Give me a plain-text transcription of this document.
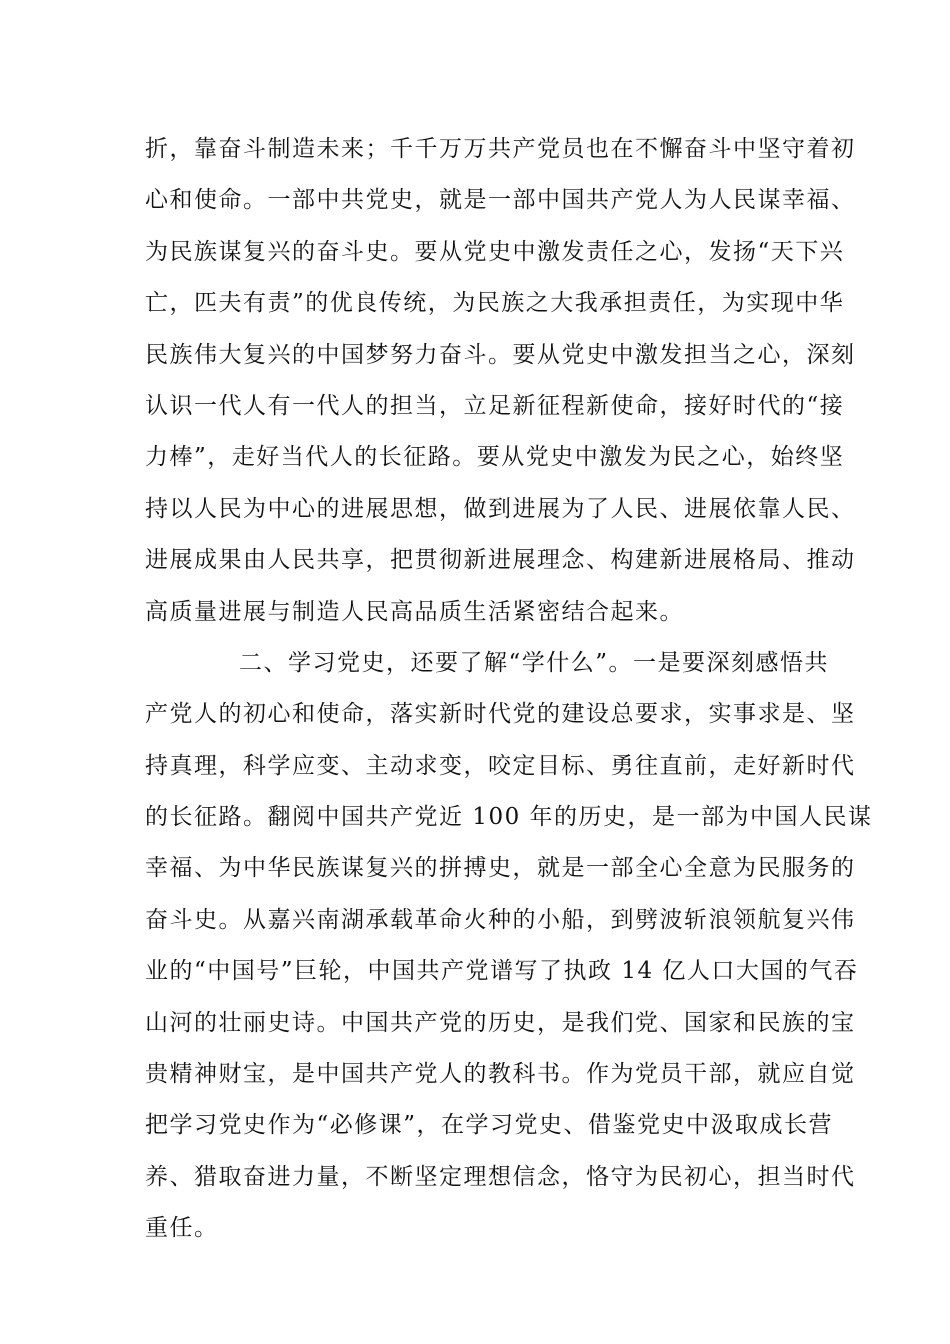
折，靠奋斗制造未来；千千万万共产党员也在不懈奋斗中坚守着初
心和使命。一部中共党史，就是一部中国共产党人为人民谋幸福、
为民族谋复兴的奋斗史。要从党史中激发责任之心，发扬“天下兴
亡，匹夫有责”的优良传统，为民族之大我承担责任，为实现中华
民族伟大复兴的中国梦努力奋斗。要从党史中激发担当之心，深刻
认识一代人有一代人的担当，立足新征程新使命，接好时代的“接
力棒”，走好当代人的长征路。要从党史中激发为民之心，始终坚
持以人民为中心的进展思想，做到进展为了人民、进展依靠人民、
进展成果由人民共享，把贯彻新进展理念、构建新进展格局、推动
高质量进展与制造人民高品质生活紧密结合起来。
二、学习党史，还要了解“学什么”。一是要深刻感悟共
产党人的初心和使命，落实新时代党的建设总要求，实事求是、坚
持真理，科学应变、主动求变，咬定目标、勇往直前，走好新时代
的长征路。翻阅中国共产党近 100 年的历史，是一部为中国人民谋
幸福、为中华民族谋复兴的拼搏史，就是一部全心全意为民服务的
奋斗史。从嘉兴南湖承载革命火种的小船，到劈波斩浪领航复兴伟
业的“中国号”巨轮，中国共产党谱写了执政 14 亿人口大国的气吞
山河的壮丽史诗。中国共产党的历史，是我们党、国家和民族的宝
贵精神财宝，是中国共产党人的教科书。作为党员干部，就应自觉
把学习党史作为“必修课”，在学习党史、借鉴党史中汲取成长营
养、猎取奋进力量，不断坚定理想信念，恪守为民初心，担当时代
重任。
